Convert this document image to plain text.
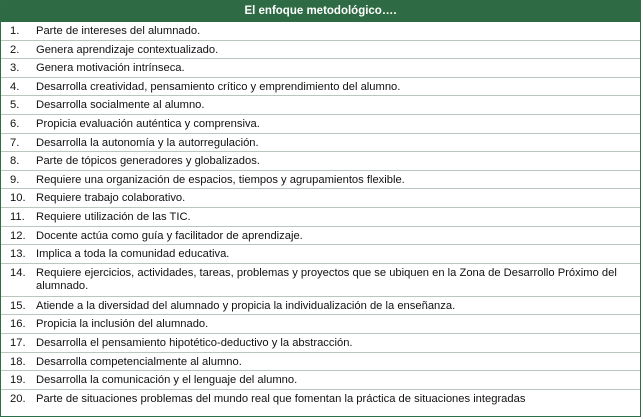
El enfoque metodológico….
1. Parte de intereses del alumnado.
2. Genera aprendizaje contextualizado.
3. Genera motivación intrínseca.
4. Desarrolla creatividad, pensamiento crítico y emprendimiento del alumno.
5. Desarrolla socialmente al alumno.
6. Propicia evaluación auténtica y comprensiva.
7. Desarrolla la autonomía y la autorregulación.
8. Parte de tópicos generadores y globalizados.
9. Requiere una organización de espacios, tiempos y agrupamientos flexible.
10. Requiere trabajo colaborativo.
11. Requiere utilización de las TIC.
12. Docente actúa como guía y facilitador de aprendizaje.
13. Implica a toda la comunidad educativa.
14. Requiere ejercicios, actividades, tareas, problemas y proyectos que se ubiquen en la Zona de Desarrollo Próximo del alumnado.
15. Atiende a la diversidad del alumnado y propicia la individualización de la enseñanza.
16. Propicia la inclusión del alumnado.
17. Desarrolla el pensamiento hipotético-deductivo y la abstracción.
18. Desarrolla competencialmente al alumno.
19. Desarrolla la comunicación y el lenguaje del alumno.
20. Parte de situaciones problemas del mundo real que fomentan la práctica de situaciones integradas
